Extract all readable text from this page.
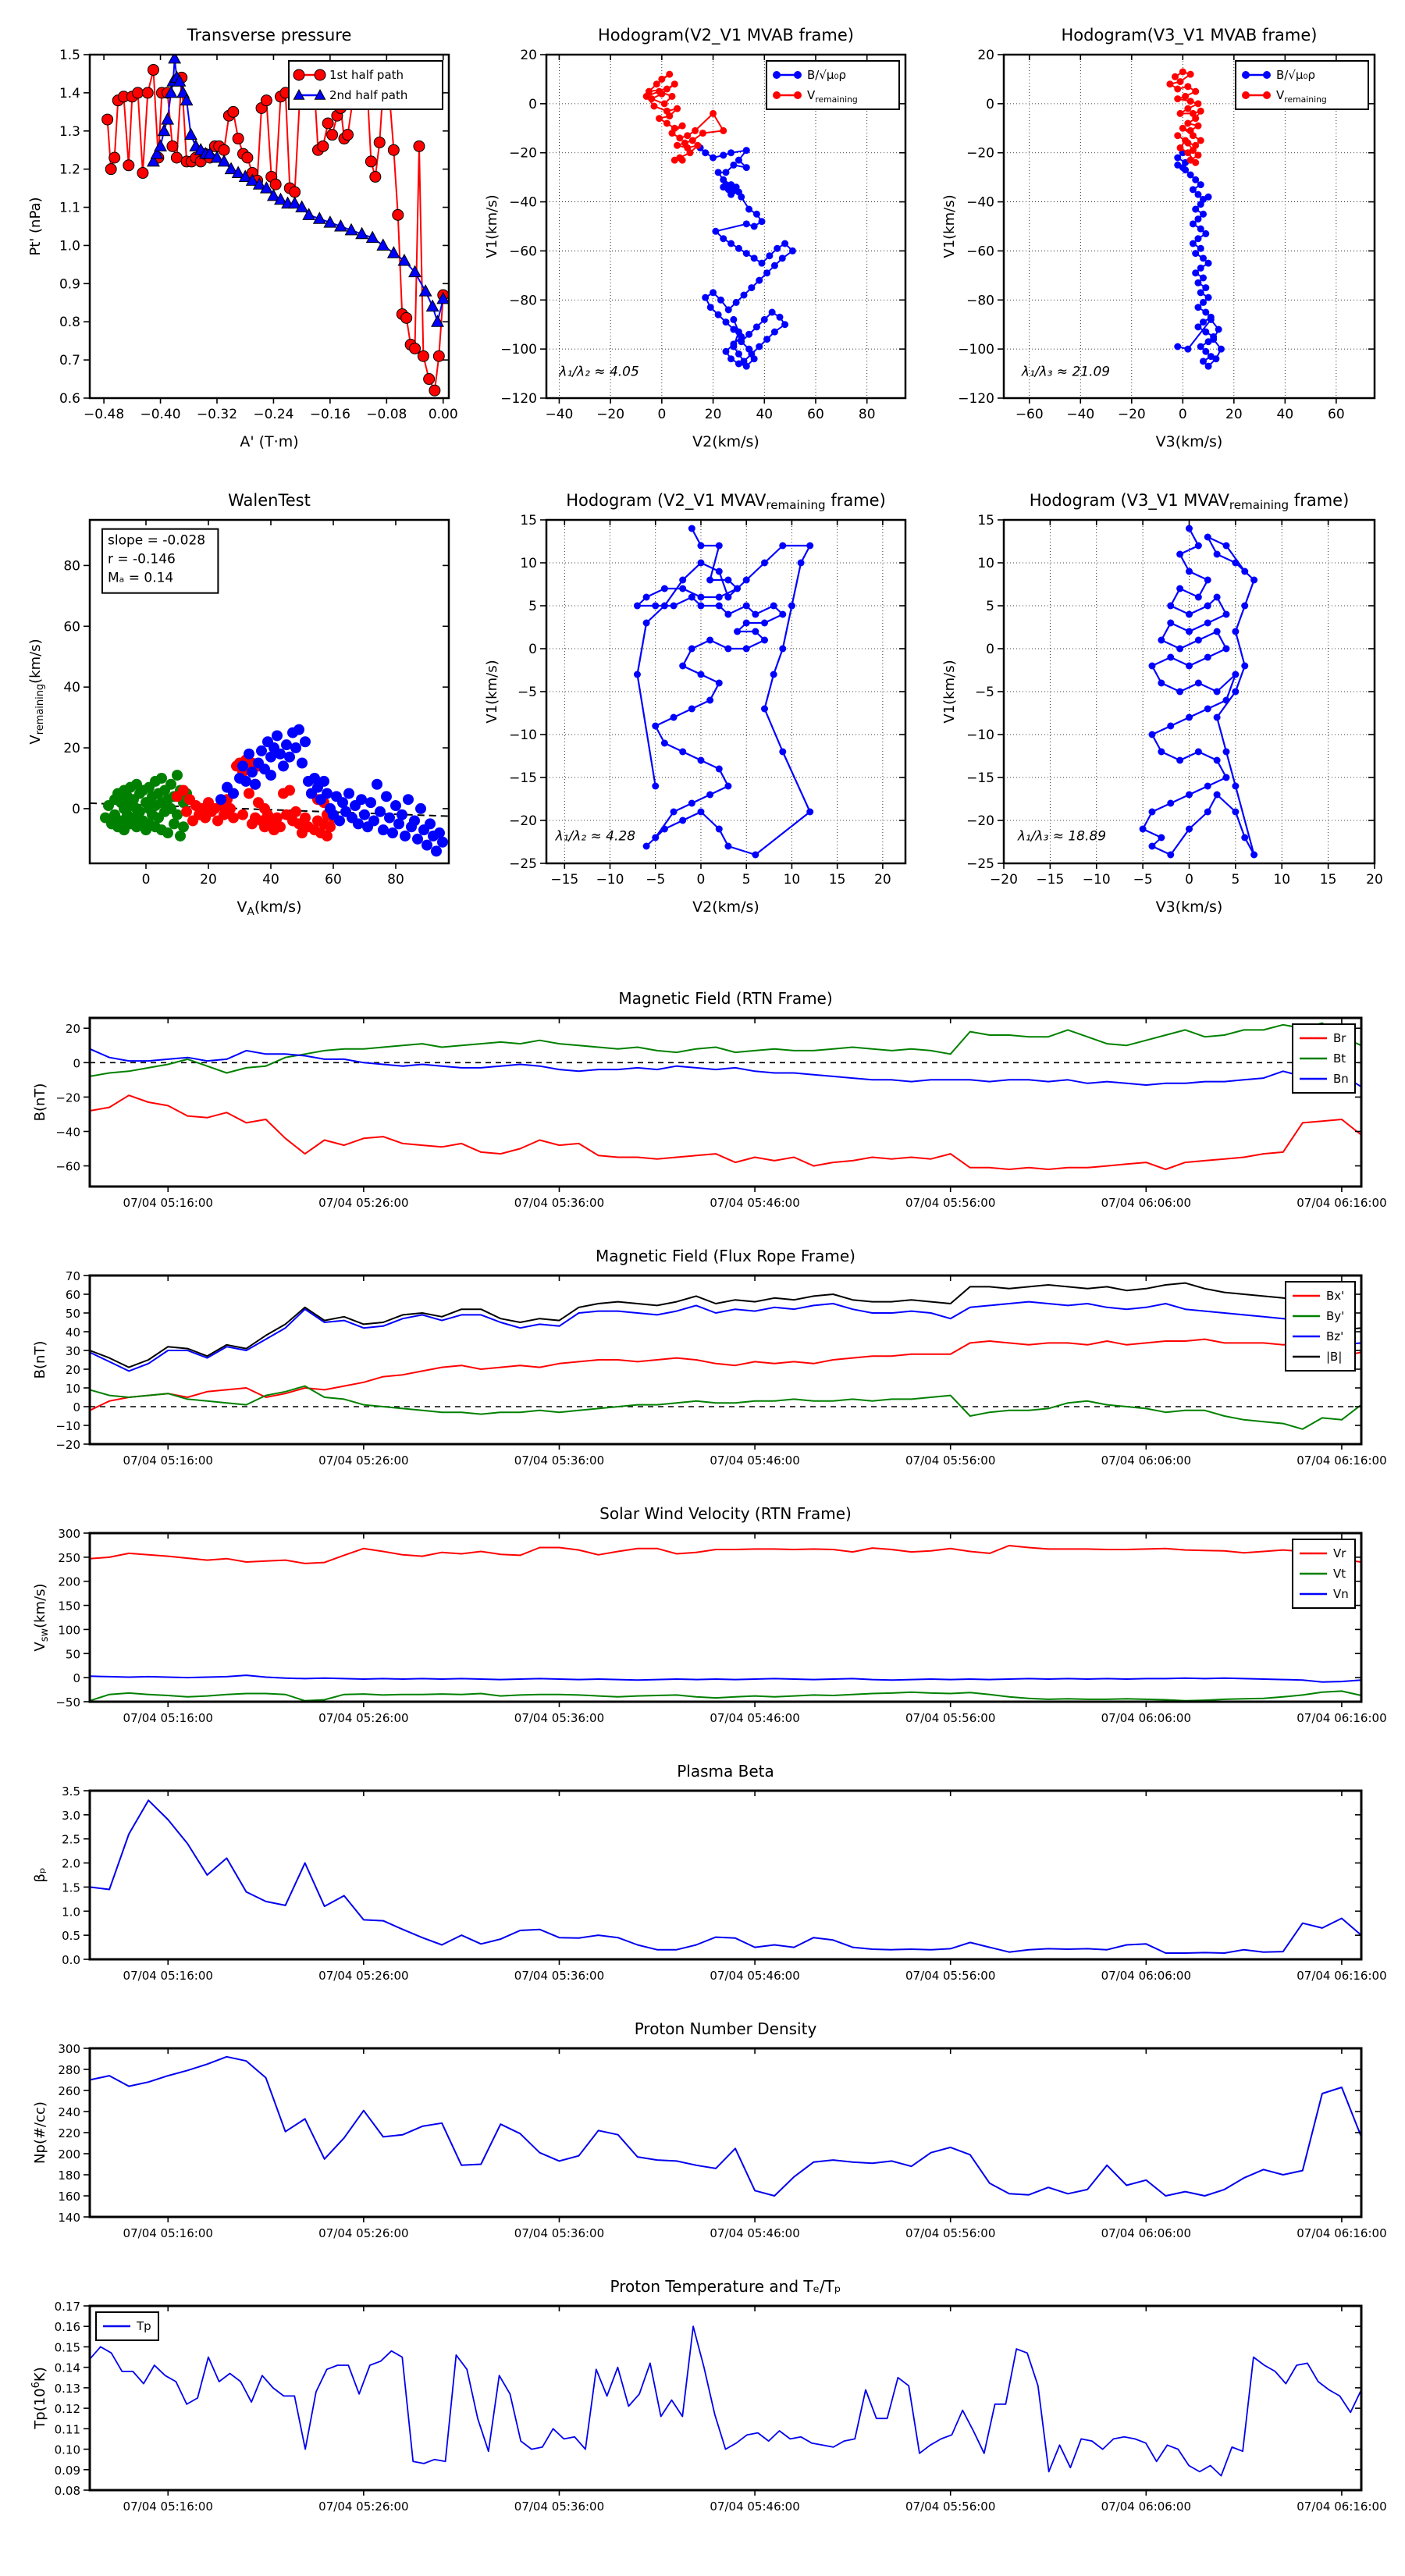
−0.48 −0.40 −0.32 −0.24 −0.16 −0.08 0.00
0.6
0.7
0.8
0.9
1.0
1.1
1.2
1.3
1.4
1.5
Transverse pressure
A' (T·m)
Pt' (nPa)
1st half path
2nd half path
−40 −20 0	20	40	60	80
20
0
−20
−40
−60
−80
−100
−120
Hodogram(V2_V1 MVAB frame)
V2(km/s)
V1(km/s)
B/√μ₀ρ
$V_{remaining}$
λ₁/λ₂ ≈ 4.05
−60 −40 −20 0	20	40	60
20
0
−20
−40
−60
−80
−100
−120
Hodogram(V3_V1 MVAB frame)
V3(km/s)
V1(km/s)
B/√μ₀ρ
$V_{remaining}$
λ₁/λ₃ ≈ 21.09
0	20	40	60	80
0
20
40
60
80
WalenTest
$V_A(km/s)$
$V_{remaining}(km/s)$
slope = -0.028
r = -0.146
Mₐ = 0.14
−15 −10 −5 0	5 10 15 20
15
10
5
0
−5
−10
−15
−20
−25
Hodogram (V2_V1 MVAVremaining frame)
V2(km/s)
V1(km/s)
λ₁/λ₂ ≈ 4.28
−20 −15 −10 −5 0	5	10 15 20
15
10
5
0
−5
−10
−15
−20
−25
Hodogram (V3_V1 MVAVremaining frame)
V3(km/s)
V1(km/s)
λ₁/λ₃ ≈ 18.89
07/04 05:16:00	07/04 05:26:00	07/04 05:36:00	07/04 05:46:00	07/04 05:56:00	07/04 06:06:00	07/04 06:16:00
20
0
−20
−40
−60
Magnetic Field (RTN Frame)
B(nT)
Br
Bt
Bn
07/04 05:16:00	07/04 05:26:00	07/04 05:36:00	07/04 05:46:00	07/04 05:56:00	07/04 06:06:00	07/04 06:16:00
70
60
50
40
30
20
10
0
−10
−20
Magnetic Field (Flux Rope Frame)
B(nT)
Bx'
By'
Bz'
|B|
07/04 05:16:00	07/04 05:26:00	07/04 05:36:00	07/04 05:46:00	07/04 05:56:00	07/04 06:06:00	07/04 06:16:00
300
250
200
150
100
50
0
−50
Solar Wind Velocity (RTN Frame)
$V_{sw}(km/s)$
Vr
Vt
Vn
07/04 05:16:00	07/04 05:26:00	07/04 05:36:00	07/04 05:46:00	07/04 05:56:00	07/04 06:06:00	07/04 06:16:00
0.0
0.5
1.0
1.5
2.0
2.5
3.0
3.5
Plasma Beta
βₚ
07/04 05:16:00	07/04 05:26:00	07/04 05:36:00	07/04 05:46:00	07/04 05:56:00	07/04 06:06:00	07/04 06:16:00
300
280
260
240
220
200
180
160
140
Proton Number Density
Np(#/cc)
07/04 05:16:00	07/04 05:26:00	07/04 05:36:00	07/04 05:46:00	07/04 05:56:00	07/04 06:06:00	07/04 06:16:00
0.17
0.16
0.15
0.14
0.13
0.12
0.11
0.10
0.09
0.08
Proton Temperature and Tₑ/Tₚ
$Tp(10^6K)$
Tp
